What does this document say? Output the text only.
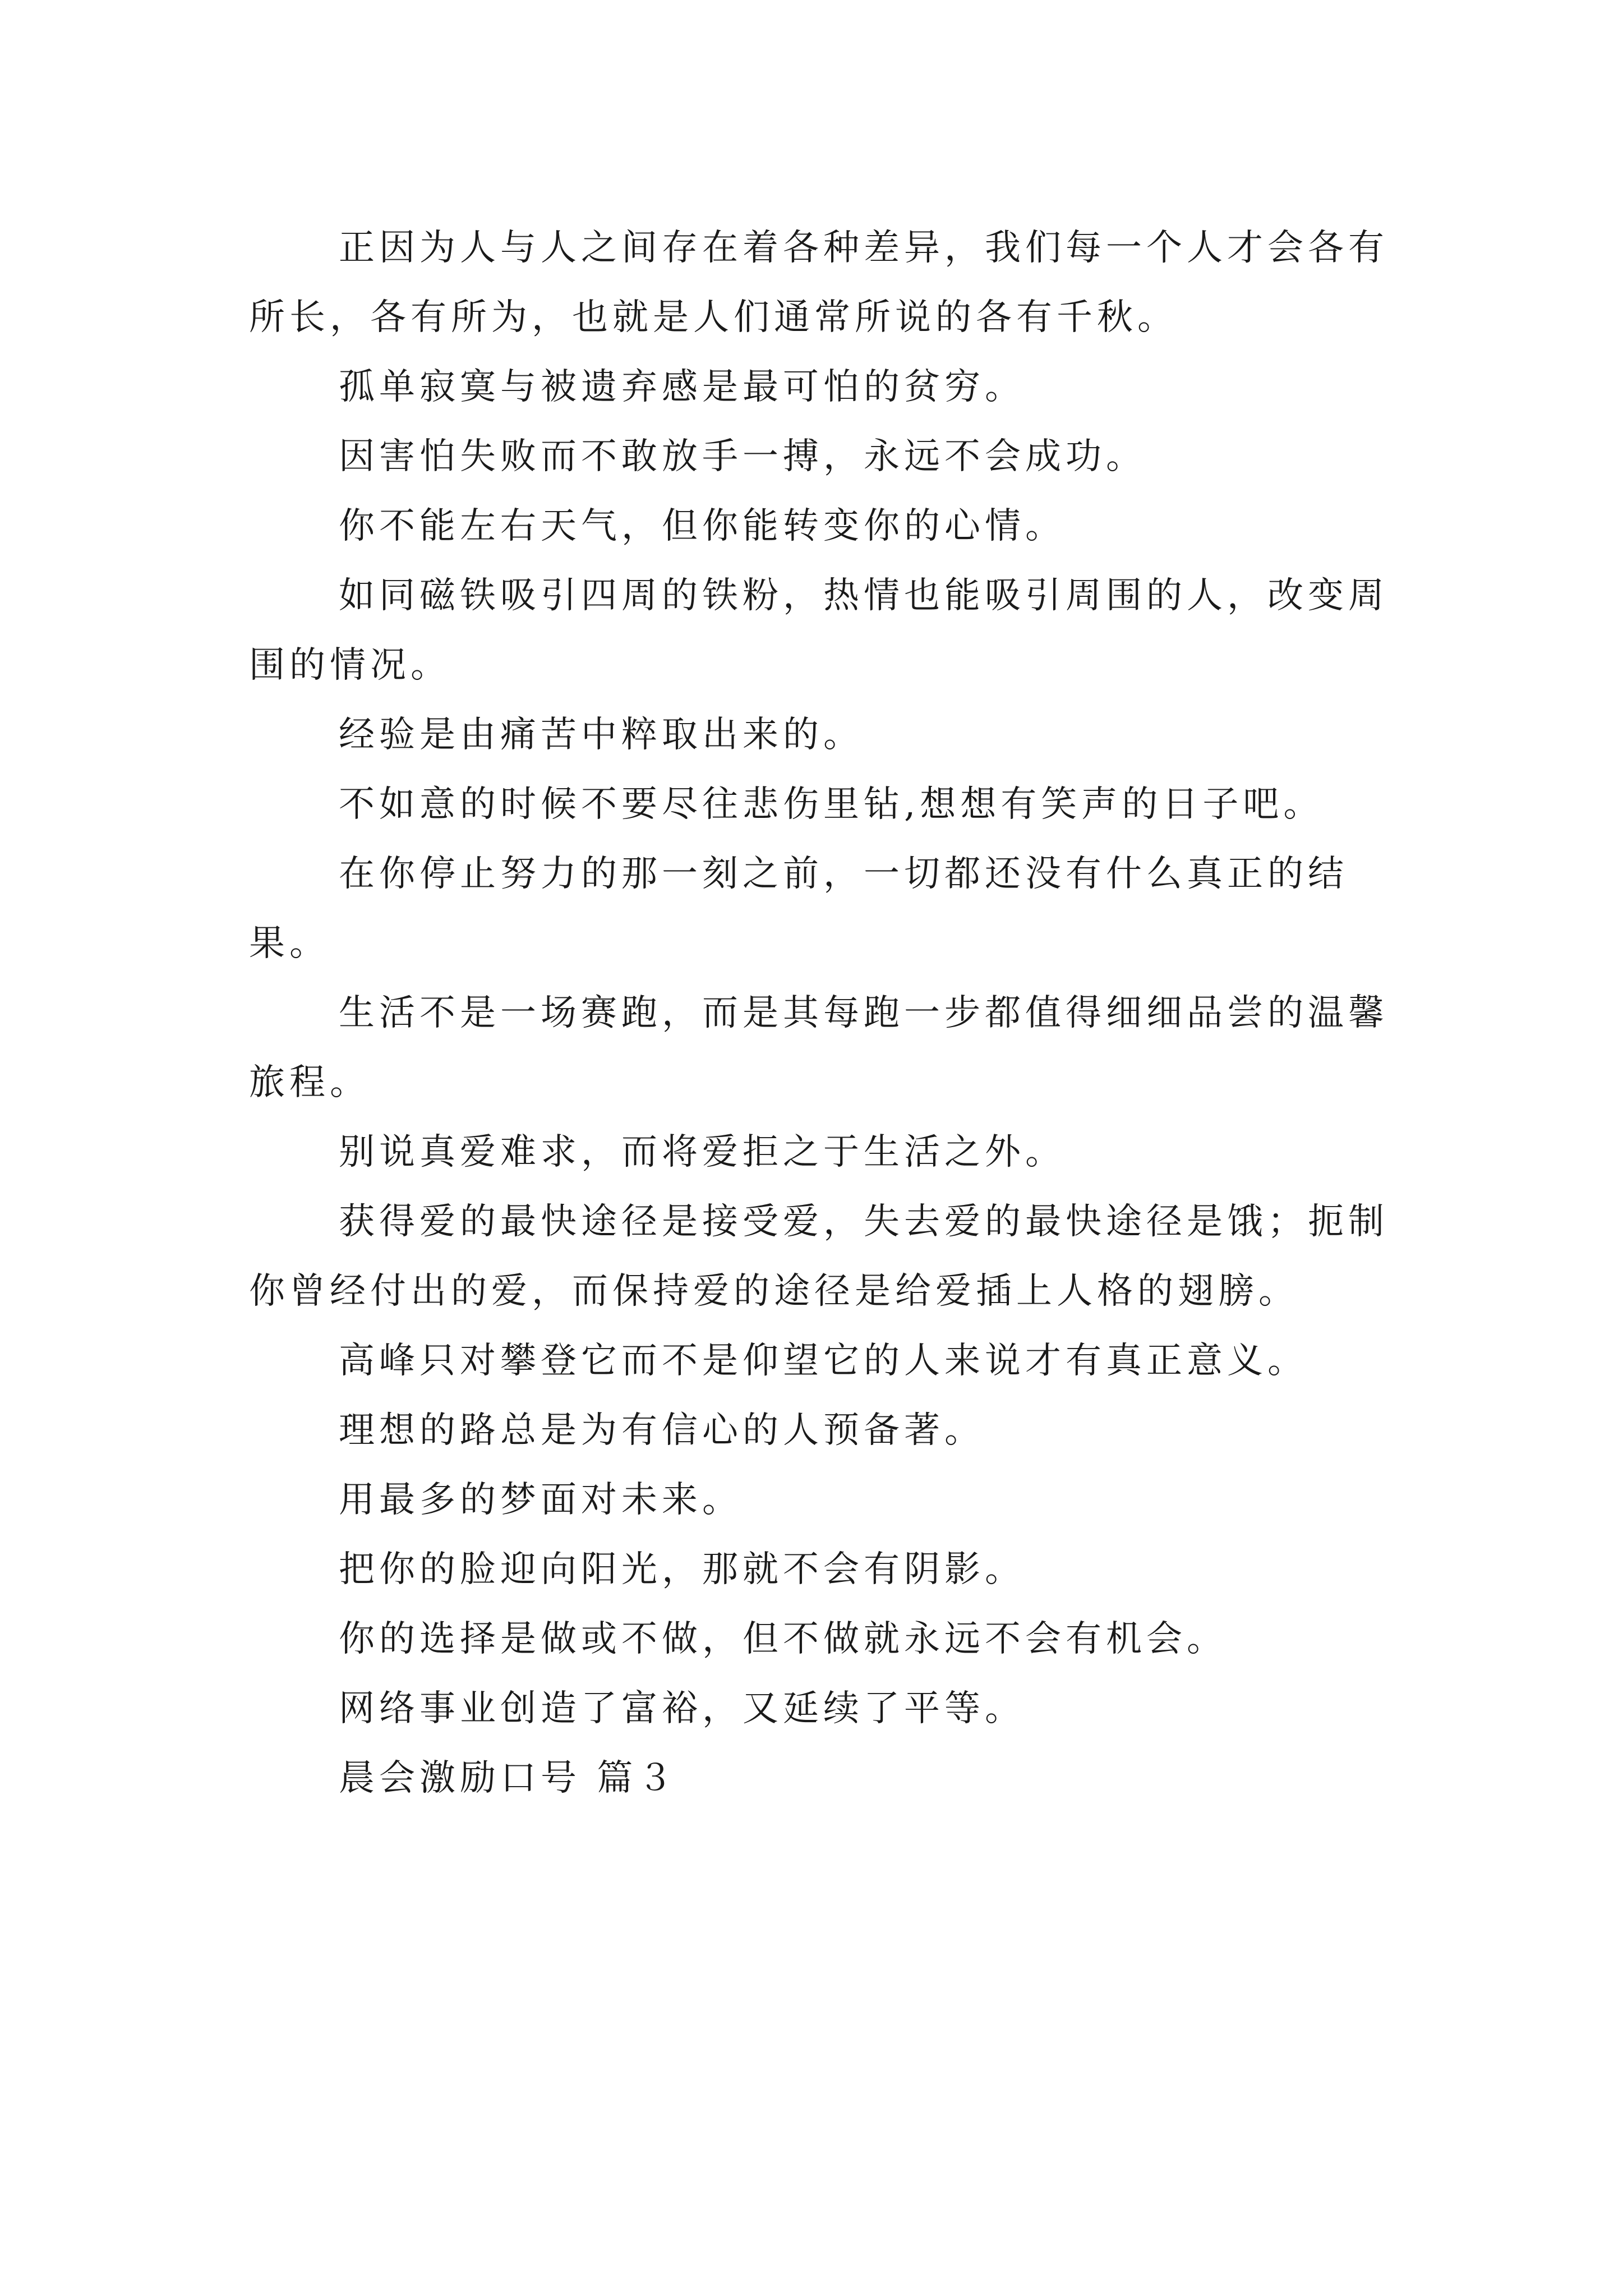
正因为人与人之间存在着各种差异，我们每一个人才会各有所长，各有所为，也就是人们通常所说的各有千秋。

孤单寂寞与被遗弃感是最可怕的贫穷。

因害怕失败而不敢放手一搏，永远不会成功。

你不能左右天气，但你能转变你的心情。

如同磁铁吸引四周的铁粉，热情也能吸引周围的人，改变周围的情况。

经验是由痛苦中粹取出来的。

不如意的时候不要尽往悲伤里钻,想想有笑声的日子吧。

在你停止努力的那一刻之前，一切都还没有什么真正的结果。

生活不是一场赛跑，而是其每跑一步都值得细细品尝的温馨旅程。

别说真爱难求，而将爱拒之于生活之外。

获得爱的最快途径是接受爱，失去爱的最快途径是饿；扼制你曾经付出的爱，而保持爱的途径是给爱插上人格的翅膀。

高峰只对攀登它而不是仰望它的人来说才有真正意义。

理想的路总是为有信心的人预备著。

用最多的梦面对未来。

把你的脸迎向阳光，那就不会有阴影。

你的选择是做或不做，但不做就永远不会有机会。

网络事业创造了富裕，又延续了平等。

晨会激励口号 篇３
